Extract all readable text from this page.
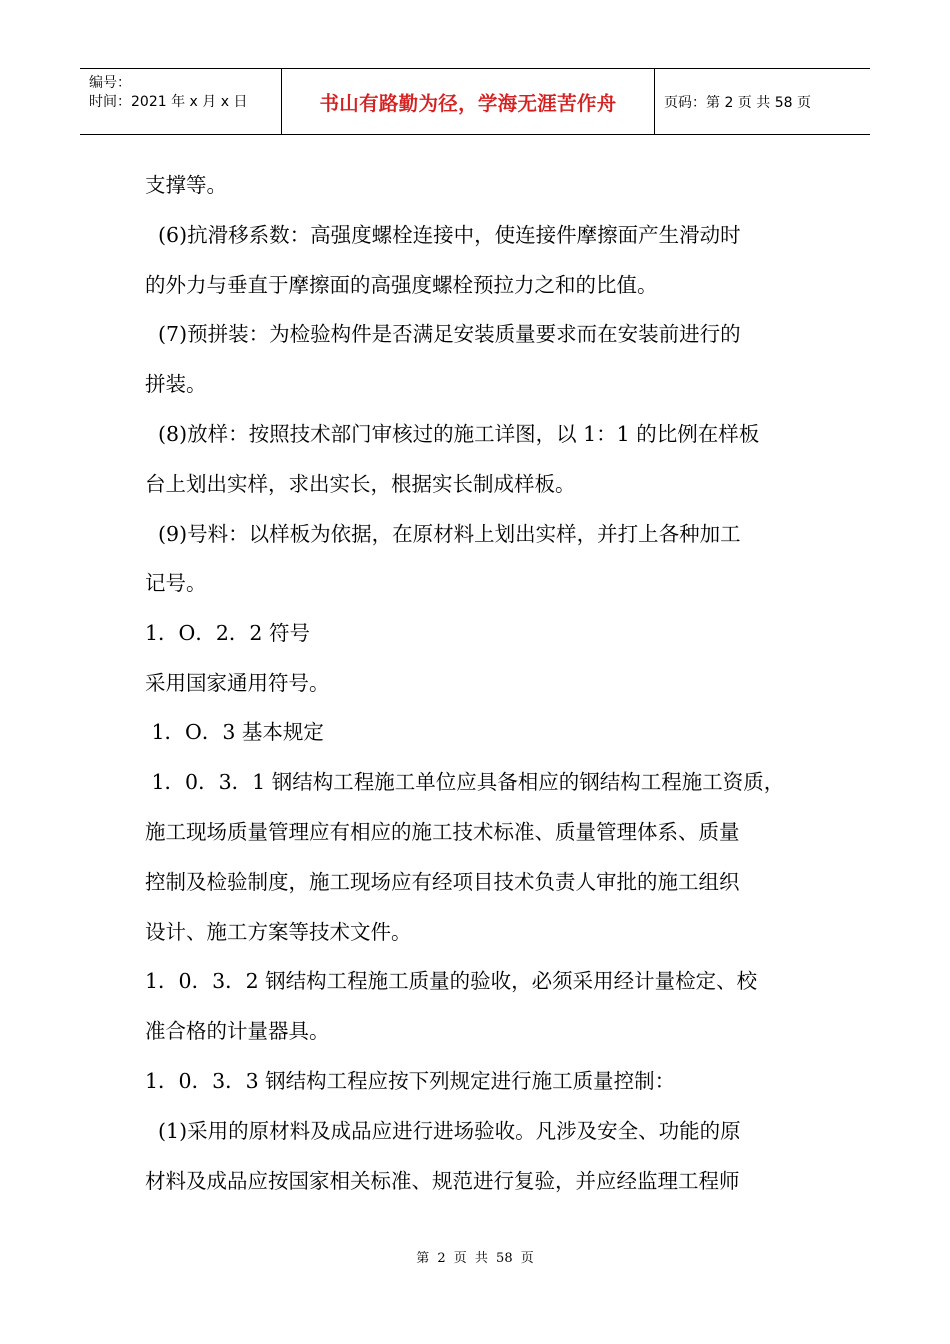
编号：
时间：2021 年 x 月 x 日	书山有路勤为径，学海无涯苦作舟	页码：第 2 页 共 58 页
支撑等。
(6)抗滑移系数：高强度螺栓连接中，使连接件摩擦面产生滑动时
的外力与垂直于摩擦面的高强度螺栓预拉力之和的比值。
(7)预拼装：为检验构件是否满足安装质量要求而在安装前进行的
拼装。
(8)放样：按照技术部门审核过的施工详图，以 1：1 的比例在样板
台上划出实样，求出实长，根据实长制成样板。
(9)号料：以样板为依据，在原材料上划出实样，并打上各种加工
记号。
1．O．2．2 符号
采用国家通用符号。
1．O．3 基本规定
1．0．3．1 钢结构工程施工单位应具备相应的钢结构工程施工资质，
施工现场质量管理应有相应的施工技术标准、质量管理体系、质量
控制及检验制度，施工现场应有经项目技术负责人审批的施工组织
设计、施工方案等技术文件。
1．0．3．2 钢结构工程施工质量的验收，必须采用经计量检定、校
准合格的计量器具。
1．0．3．3 钢结构工程应按下列规定进行施工质量控制：
(1)采用的原材料及成品应进行进场验收。凡涉及安全、功能的原
材料及成品应按国家相关标准、规范进行复验，并应经监理工程师
第 2 页 共 58 页
